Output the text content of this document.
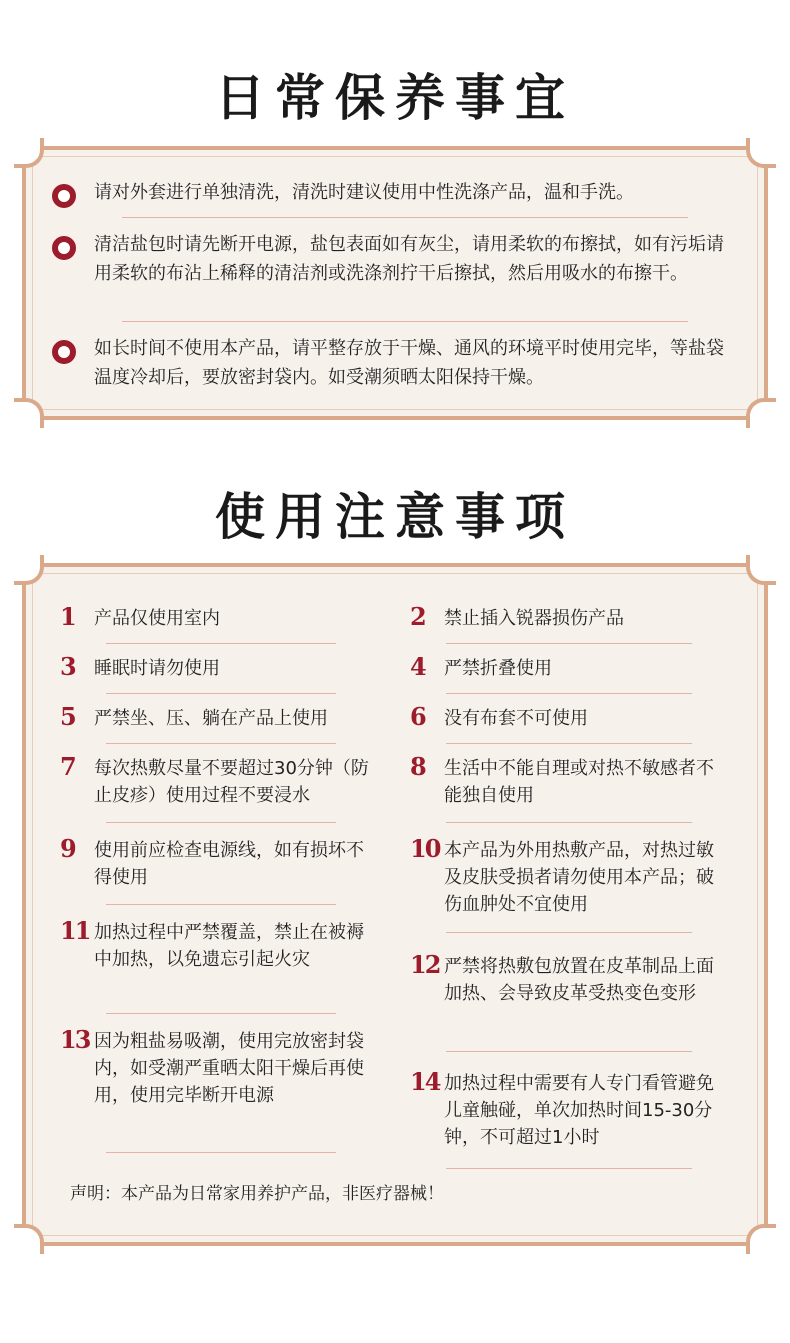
日常保养事宜
请对外套进行单独清洗，清洗时建议使用中性洗涤产品，温和手洗。
清洁盐包时请先断开电源，盐包表面如有灰尘，请用柔软的布擦拭，如有污垢请用柔软的布沾上稀释的清洁剂或洗涤剂拧干后擦拭，然后用吸水的布擦干。
如长时间不使用本产品，请平整存放于干燥、通风的环境平时使用完毕，等盐袋温度冷却后，要放密封袋内。如受潮须晒太阳保持干燥。
使用注意事项
1	产品仅使用室内
3	睡眠时请勿使用
5	严禁坐、压、躺在产品上使用
7	每次热敷尽量不要超过30分钟（防止皮疹）使用过程不要浸水
9	使用前应检查电源线，如有损坏不得使用
11 加热过程中严禁覆盖，禁止在被褥中加热，以免遗忘引起火灾
13 因为粗盐易吸潮，使用完放密封袋内，如受潮严重晒太阳干燥后再使用，使用完毕断开电源
2	禁止插入锐器损伤产品
4	严禁折叠使用
6	没有布套不可使用
8	生活中不能自理或对热不敏感者不能独自使用
10 本产品为外用热敷产品，对热过敏及皮肤受损者请勿使用本产品；破伤血肿处不宜使用
12 严禁将热敷包放置在皮革制品上面加热、会导致皮革受热变色变形
14 加热过程中需要有人专门看管避免儿童触碰，单次加热时间15-30分钟，不可超过1小时
声明：本产品为日常家用养护产品，非医疗器械！
